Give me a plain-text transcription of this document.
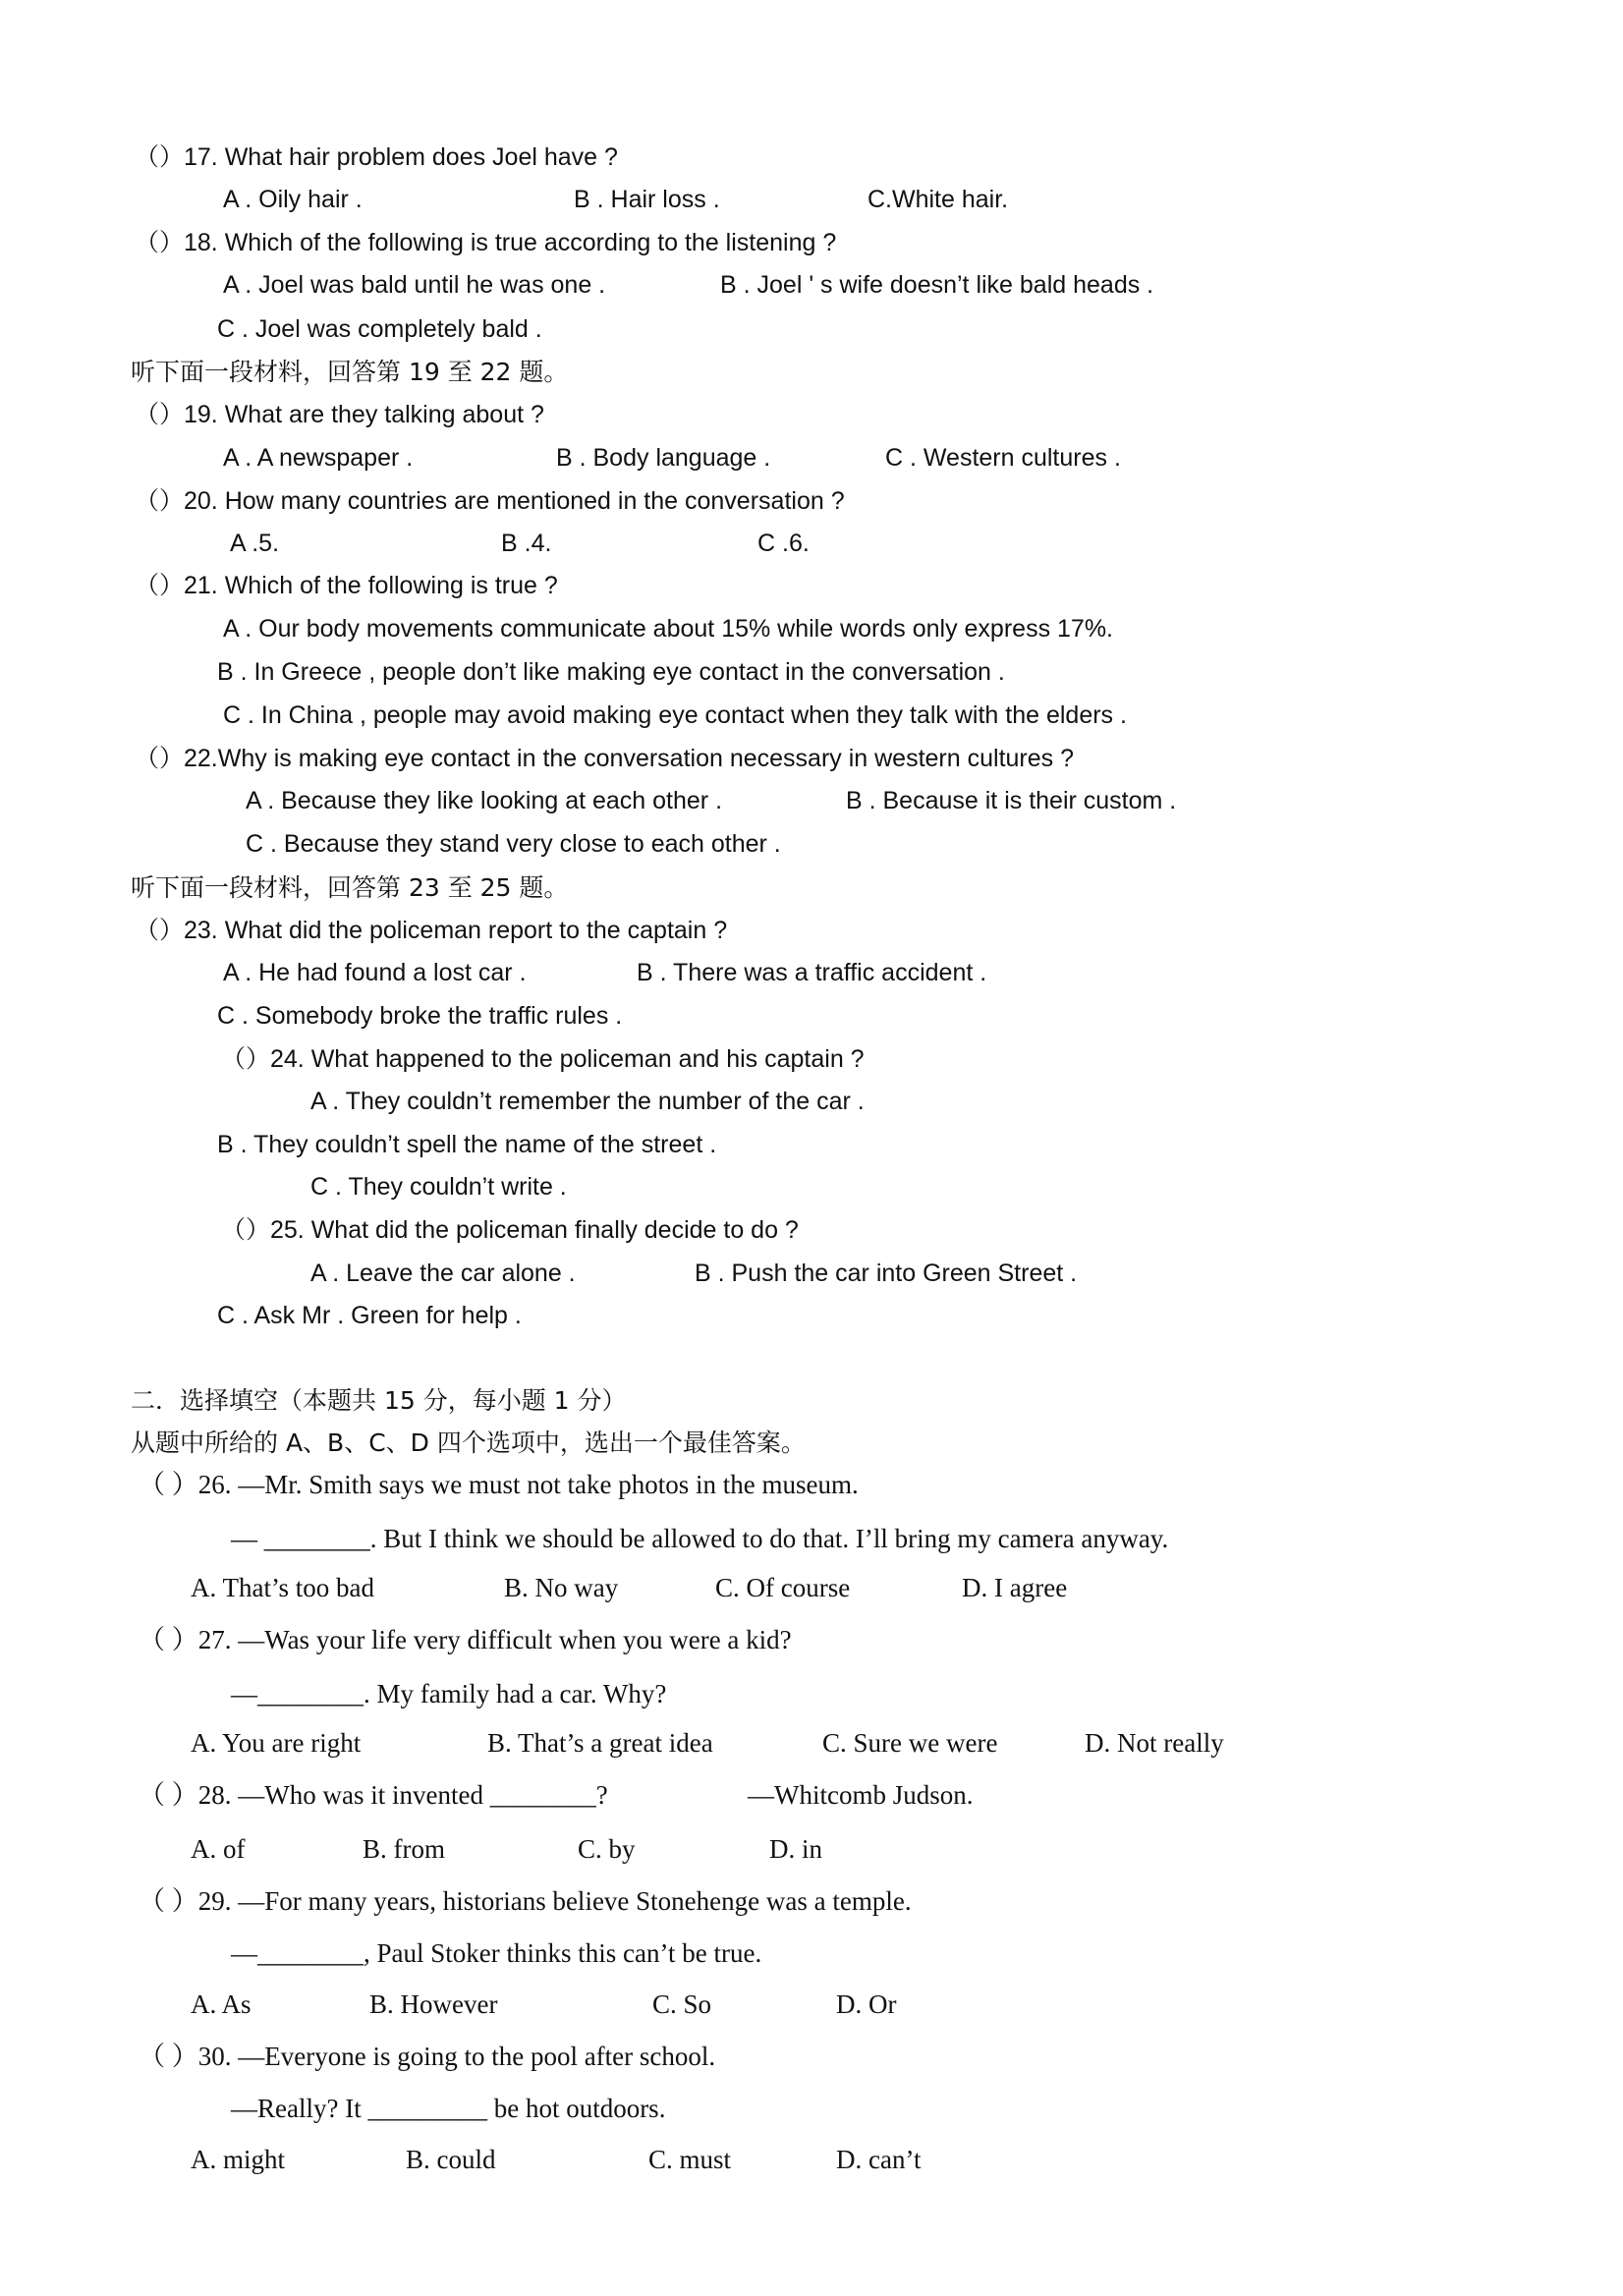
（）17. What hair problem does Joel have ?
A . Oily hair .	B . Hair loss .	C.White hair.
（）18. Which of the following is true according to the listening ?
A . Joel was bald until he was one .	B . Joel ' s wife doesn’t like bald heads .
C . Joel was completely bald .
听下面一段材料，回答第 19 至 22 题。
（）19. What are they talking about ?
A . A newspaper .	B . Body language .	C . Western cultures .
（）20. How many countries are mentioned in the conversation ?
A .5.	B .4.	C .6.
（）21. Which of the following is true ?
A . Our body movements communicate about 15% while words only express 17%.
B . In Greece , people don’t like making eye contact in the conversation .
C . In China , people may avoid making eye contact when they talk with the elders .
（）22.Why is making eye contact in the conversation necessary in western cultures ?
A . Because they like looking at each other .	B . Because it is their custom .
C . Because they stand very close to each other .
听下面一段材料，回答第 23 至 25 题。
（）23. What did the policeman report to the captain ?
A . He had found a lost car .	B . There was a traffic accident .
C . Somebody broke the traffic rules .
（）24. What happened to the policeman and his captain ?
A . They couldn’t remember the number of the car .
B . They couldn’t spell the name of the street .
C . They couldn’t write .
（）25. What did the policeman finally decide to do ?
A . Leave the car alone .	B . Push the car into Green Street .
C . Ask Mr . Green for help .
二．选择填空（本题共 15 分，每小题 1 分）
从题中所给的 A、B、C、D 四个选项中，选出一个最佳答案。
（ ）26. —Mr. Smith says we must not take photos in the museum.
— ________. But I think we should be allowed to do that. I’ll bring my camera anyway.
A. That’s too bad	B. No way	C. Of course	D. I agree
（ ）27. —Was your life very difficult when you were a kid?
—________. My family had a car. Why?
A. You are right	B. That’s a great idea	C. Sure we were	D. Not really
（ ）28. —Who was it invented ________?	—Whitcomb Judson.
A. of	B. from	C. by	D. in
（ ）29. —For many years, historians believe Stonehenge was a temple.
—________, Paul Stoker thinks this can’t be true.
A. As	B. However	C. So	D. Or
（ ）30. —Everyone is going to the pool after school.
—Really? It _________ be hot outdoors.
A. might	B. could	C. must	D. can’t
